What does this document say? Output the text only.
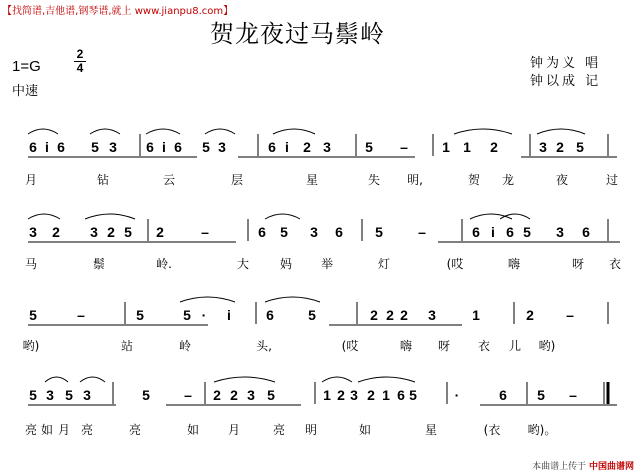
【找简谱,吉他谱,钢琴谱,就上 www.jianpu8.com】
贺龙夜过马鬃岭
1=G
2
4
中速
钟为义 唱
钟以成 记
6 i 6 5 3 6 i 6 5 3	6 i 2 3 5 – 1 1 2	3 2 5
月	钻	云	层	星	失 明,	贺 龙	夜	过
3 2 3 2 5 2	–	6 5 3 6 5	–	6 i 6 5 3 6
马	鬃	岭.	大	妈 举	灯	(哎	嗨	呀 衣
5	–	5	5 · i	6 5	2 2 2 3	1	2 –
哟)	站	岭	头,	(哎	嗨 呀 衣 儿 哟)
5 3 5 3	5 – 2 2 3 5	1 2 3 2 1 6 5	·	6 5 –
亮 如 月 亮	亮	如 月	亮 明	如	星	(衣 哟)。
本曲谱上传于 中国曲谱网
